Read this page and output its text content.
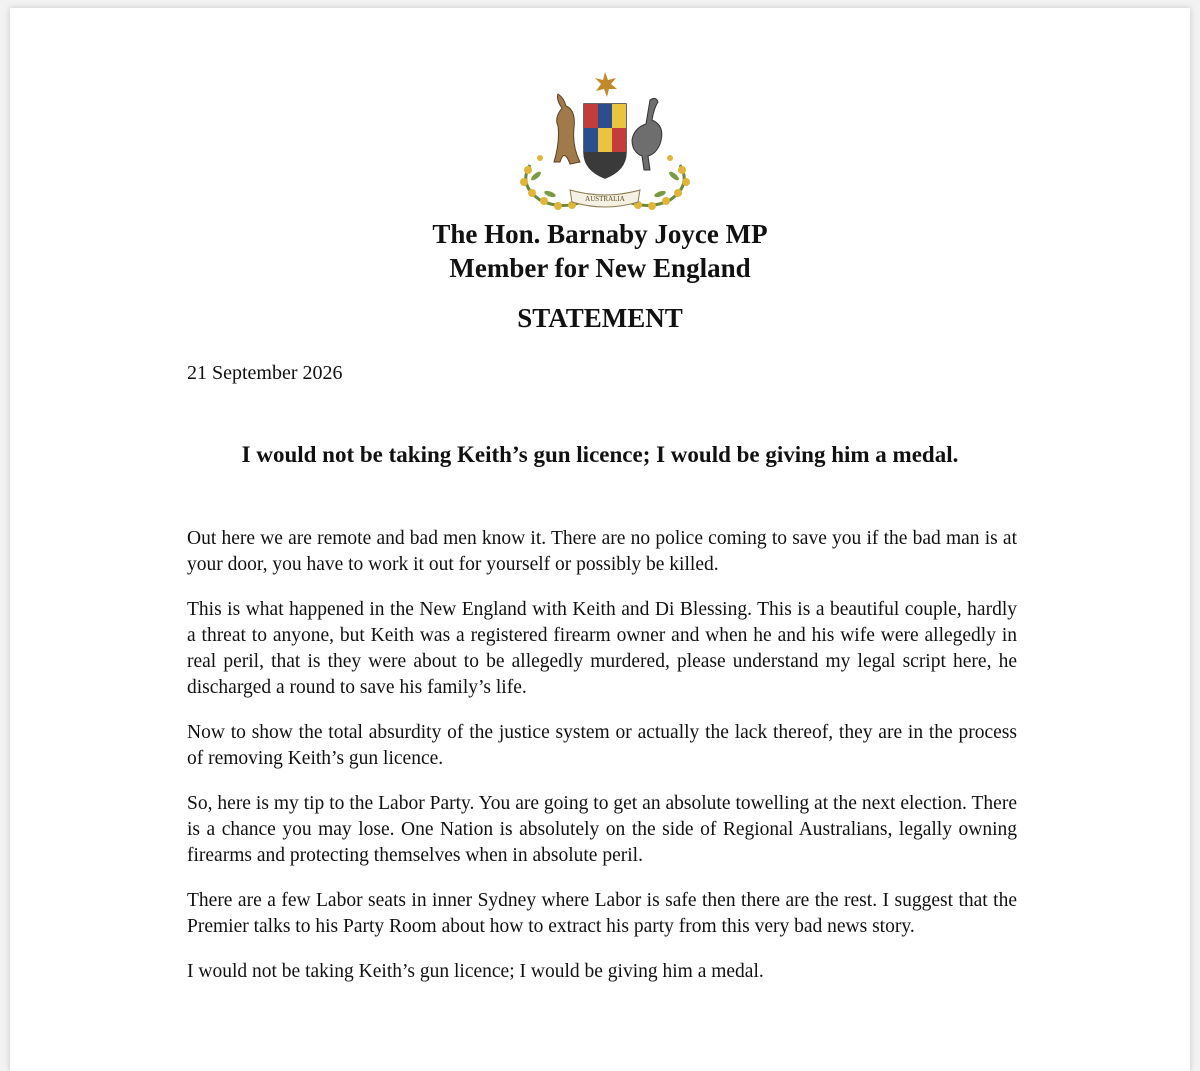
AUSTRALIA
The Hon. Barnaby Joyce MP
Member for New England
STATEMENT
21 September 2026
I would not be taking Keith’s gun licence; I would be giving him a medal.

Out here we are remote and bad men know it. There are no police coming to save you if the bad man is at your door, you have to work it out for yourself or possibly be killed.

This is what happened in the New England with Keith and Di Blessing. This is a beautiful couple, hardly a threat to anyone, but Keith was a registered firearm owner and when he and his wife were allegedly in real peril, that is they were about to be allegedly murdered, please understand my legal script here, he discharged a round to save his family’s life.

Now to show the total absurdity of the justice system or actually the lack thereof, they are in the process of removing Keith’s gun licence.

So, here is my tip to the Labor Party. You are going to get an absolute towelling at the next election. There is a chance you may lose. One Nation is absolutely on the side of Regional Australians, legally owning firearms and protecting themselves when in absolute peril.

There are a few Labor seats in inner Sydney where Labor is safe then there are the rest. I suggest that the Premier talks to his Party Room about how to extract his party from this very bad news story.

I would not be taking Keith’s gun licence; I would be giving him a medal.
